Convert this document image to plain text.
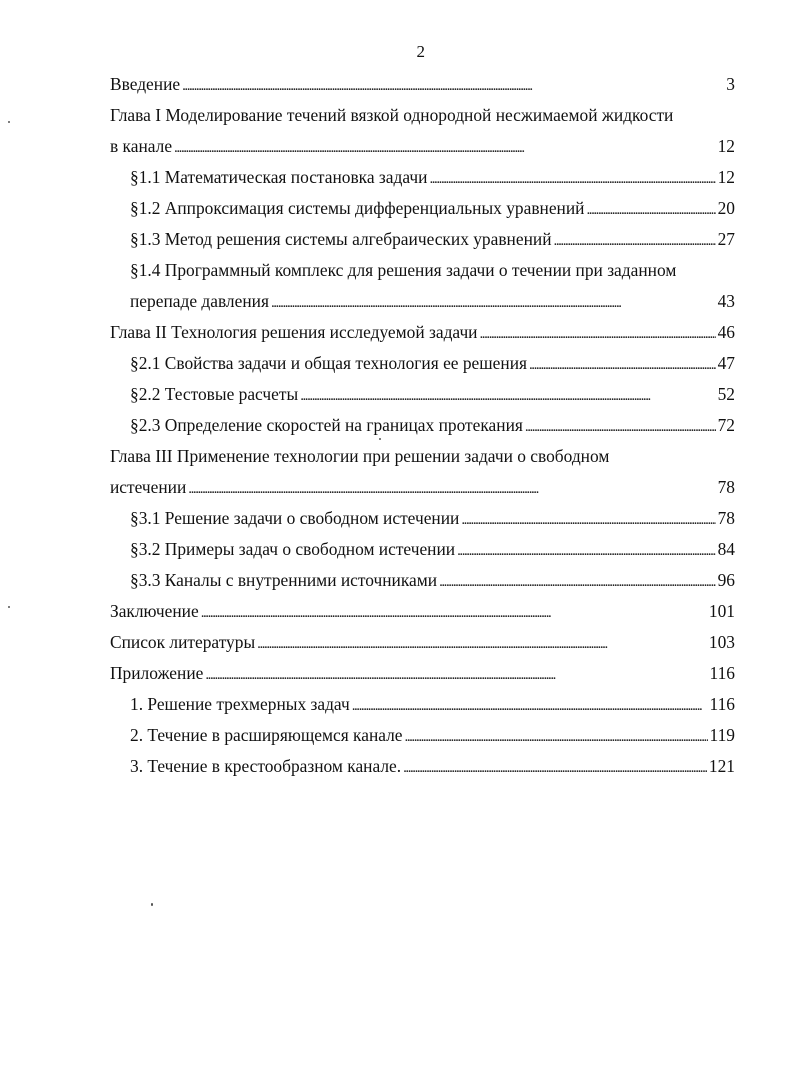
2
Введение . . .	3
Глава I Моделирование течений вязкой однородной несжимаемой жидкости
в канале . . .	12
§1.1 Математическая постановка задачи . . .	12
§1.2 Аппроксимация системы дифференциальных уравнений . . .	20
§1.3 Метод решения системы алгебраических уравнений . . .	27
§1.4 Программный комплекс для решения задачи о течении при заданном
перепаде давления . . .	43
Глава II Технология решения исследуемой задачи . . .	46
§2.1 Свойства задачи и общая технология ее решения . . .	47
§2.2 Тестовые расчеты . . .	52
§2.3 Определение скоростей на границах протекания . . .	72
Глава III Применение технологии при решении задачи о свободном
истечении . . .	78
§3.1 Решение задачи о свободном истечении . . .	78
§3.2 Примеры задач о свободном истечении . . .	84
§3.3 Каналы с внутренними источниками . . .	96
Заключение . . .	101
Список литературы . . .	103
Приложение . . .	116
1. Решение трехмерных задач . . .	116
2. Течение в расширяющемся канале . . .	119
3. Течение в крестообразном канале. . . .	121
